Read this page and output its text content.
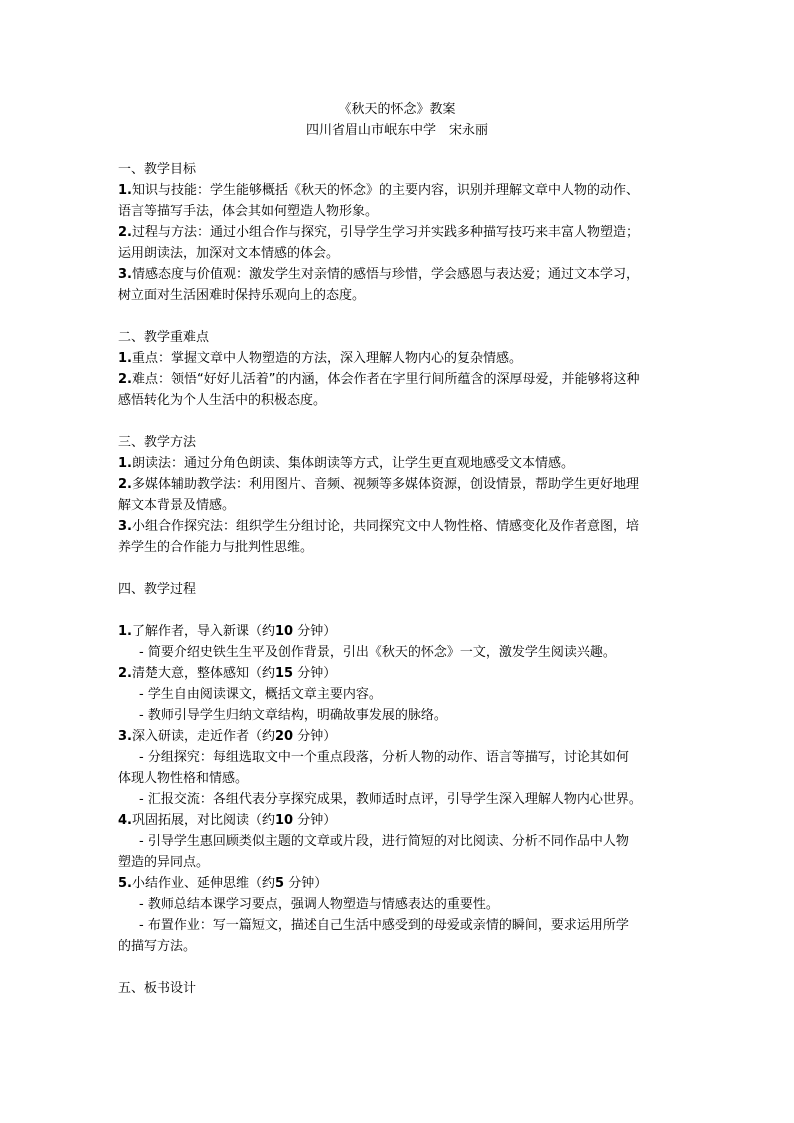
《秋天的怀念》教案
四川省眉山市岷东中学　宋永丽
一、教学目标
1.知识与技能：学生能够概括《秋天的怀念》的主要内容，识别并理解文章中人物的动作、
语言等描写手法，体会其如何塑造人物形象。
2.过程与方法：通过小组合作与探究，引导学生学习并实践多种描写技巧来丰富人物塑造；
运用朗读法，加深对文本情感的体会。
3.情感态度与价值观：激发学生对亲情的感悟与珍惜，学会感恩与表达爱；通过文本学习，
树立面对生活困难时保持乐观向上的态度。
二、教学重难点
1.重点：掌握文章中人物塑造的方法，深入理解人物内心的复杂情感。
2.难点：领悟“好好儿活着”的内涵，体会作者在字里行间所蕴含的深厚母爱，并能够将这种
感悟转化为个人生活中的积极态度。
三、教学方法
1.朗读法：通过分角色朗读、集体朗读等方式，让学生更直观地感受文本情感。
2.多媒体辅助教学法：利用图片、音频、视频等多媒体资源，创设情景，帮助学生更好地理
解文本背景及情感。
3.小组合作探究法：组织学生分组讨论，共同探究文中人物性格、情感变化及作者意图，培
养学生的合作能力与批判性思维。
四、教学过程
1.了解作者，导入新课（约10 分钟）
- 简要介绍史铁生生平及创作背景，引出《秋天的怀念》一文，激发学生阅读兴趣。
2.清楚大意，整体感知（约15 分钟）
- 学生自由阅读课文，概括文章主要内容。
- 教师引导学生归纳文章结构，明确故事发展的脉络。
3.深入研读，走近作者（约20 分钟）
- 分组探究：每组选取文中一个重点段落，分析人物的动作、语言等描写，讨论其如何
体现人物性格和情感。
- 汇报交流：各组代表分享探究成果，教师适时点评，引导学生深入理解人物内心世界。
4.巩固拓展，对比阅读（约10 分钟）
- 引导学生惠回顾类似主题的文章或片段，进行简短的对比阅读、分析不同作品中人物
塑造的异同点。
5.小结作业、延伸思维（约5 分钟）
- 教师总结本课学习要点，强调人物塑造与情感表达的重要性。
- 布置作业：写一篇短文，描述自己生活中感受到的母爱或亲情的瞬间，要求运用所学
的描写方法。
五、板书设计
